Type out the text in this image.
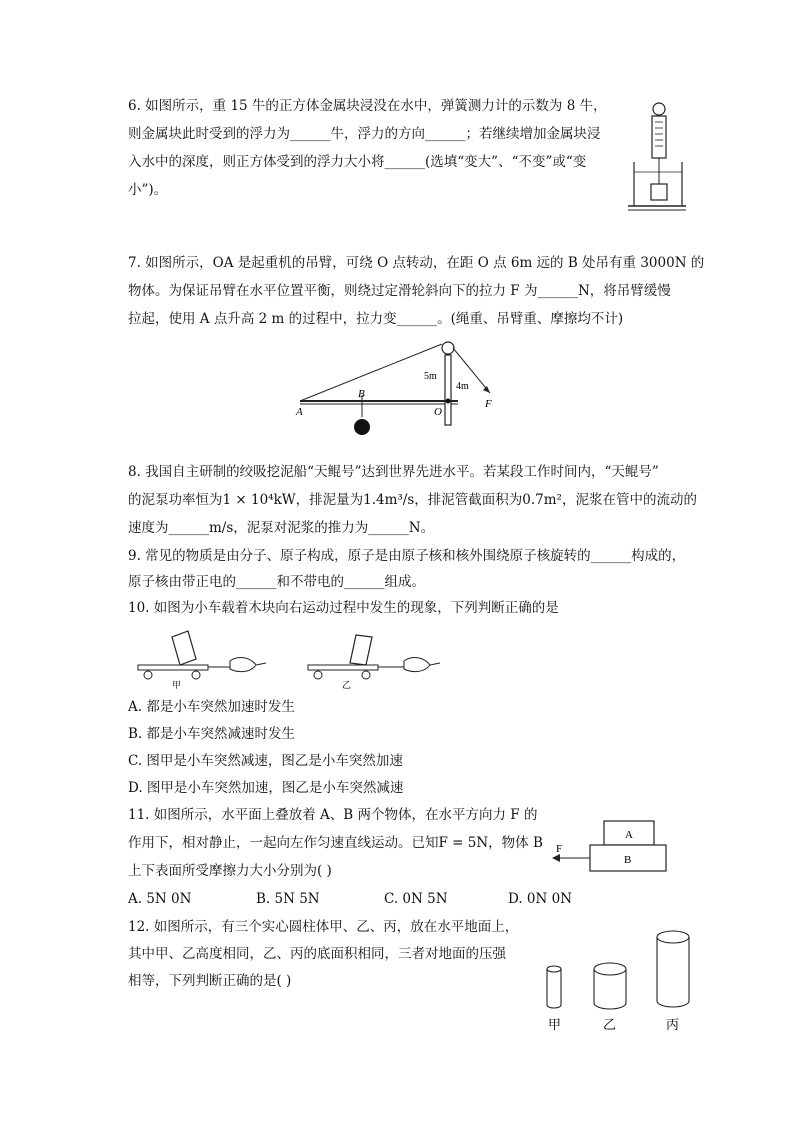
6. 如图所示，重 15 牛的正方体金属块浸没在水中，弹簧测力计的示数为 8 牛，
则金属块此时受到的浮力为______牛，浮力的方向______；若继续增加金属块浸
入水中的深度，则正方体受到的浮力大小将______(选填“变大”、“不变”或“变
小”)。
7. 如图所示，OA 是起重机的吊臂，可绕 O 点转动，在距 O 点 6m 远的 B 处吊有重 3000N 的
物体。为保证吊臂在水平位置平衡，则绕过定滑轮斜向下的拉力 F 为______N，将吊臂缓慢
拉起，使用 A 点升高 2 m 的过程中，拉力变______。(绳重、吊臂重、摩擦均不计)
5m
4m
A
B
O
F
8. 我国自主研制的绞吸挖泥船“天鲲号”达到世界先进水平。若某段工作时间内，“天鲲号”
的泥泵功率恒为1 × 10⁴kW，排泥量为1.4m³/s，排泥管截面积为0.7m²，泥浆在管中的流动的
速度为______m/s，泥泵对泥浆的推力为______N。
9. 常见的物质是由分子、原子构成，原子是由原子核和核外围绕原子核旋转的______构成的，
原子核由带正电的______和不带电的______组成。
10. 如图为小车载着木块向右运动过程中发生的现象，下列判断正确的是
甲	乙
A. 都是小车突然加速时发生
B. 都是小车突然减速时发生
C. 图甲是小车突然减速，图乙是小车突然加速
D. 图甲是小车突然加速，图乙是小车突然减速
11. 如图所示，水平面上叠放着 A、B 两个物体，在水平方向力 F 的
作用下，相对静止，一起向左作匀速直线运动。已知F = 5N，物体 B
上下表面所受摩擦力大小分别为( )
A. 5N 0N	B. 5N 5N	C. 0N 5N	D. 0N 0N
A
B
F
12. 如图所示，有三个实心圆柱体甲、乙、丙，放在水平地面上，
其中甲、乙高度相同，乙、丙的底面积相同，三者对地面的压强
相等，下列判断正确的是( )
甲	乙	丙
